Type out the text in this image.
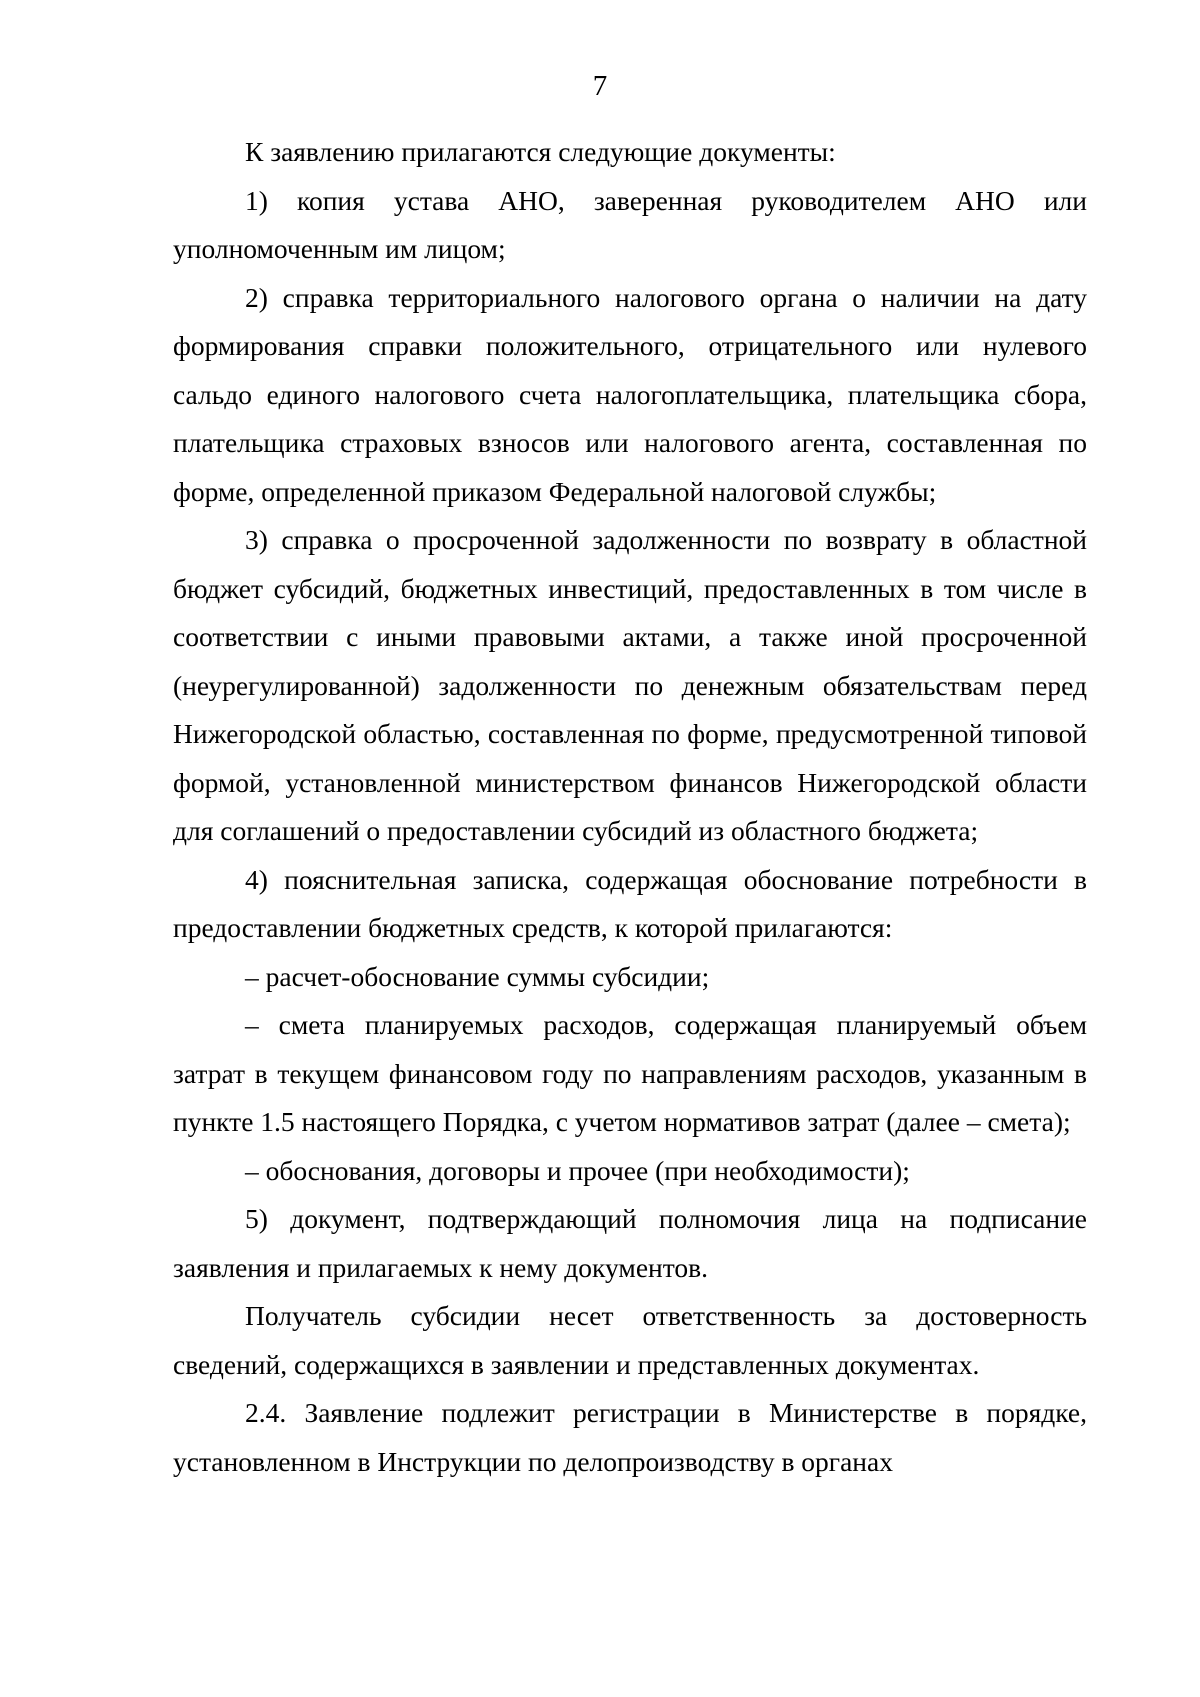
7

К заявлению прилагаются следующие документы:

1) копия устава АНО, заверенная руководителем АНО или уполномоченным им лицом;

2) справка территориального налогового органа о наличии на дату формирования справки положительного, отрицательного или нулевого сальдо единого налогового счета налогоплательщика, плательщика сбора, плательщика страховых взносов или налогового агента, составленная по форме, определенной приказом Федеральной налоговой службы;

3) справка о просроченной задолженности по возврату в областной бюджет субсидий, бюджетных инвестиций, предоставленных в том числе в соответствии с иными правовыми актами, а также иной просроченной (неурегулированной) задолженности по денежным обязательствам перед Нижегородской областью, составленная по форме, предусмотренной типовой формой, установленной министерством финансов Нижегородской области для соглашений о предоставлении субсидий из областного бюджета;

4) пояснительная записка, содержащая обоснование потребности в предоставлении бюджетных средств, к которой прилагаются:

– расчет-обоснование суммы субсидии;

– смета планируемых расходов, содержащая планируемый объем затрат в текущем финансовом году по направлениям расходов, указанным в пункте 1.5 настоящего Порядка, с учетом нормативов затрат (далее – смета);

– обоснования, договоры и прочее (при необходимости);

5) документ, подтверждающий полномочия лица на подписание заявления и прилагаемых к нему документов.

Получатель субсидии несет ответственность за достоверность сведений, содержащихся в заявлении и представленных документах.

2.4. Заявление подлежит регистрации в Министерстве в порядке, установленном в Инструкции по делопроизводству в органах
